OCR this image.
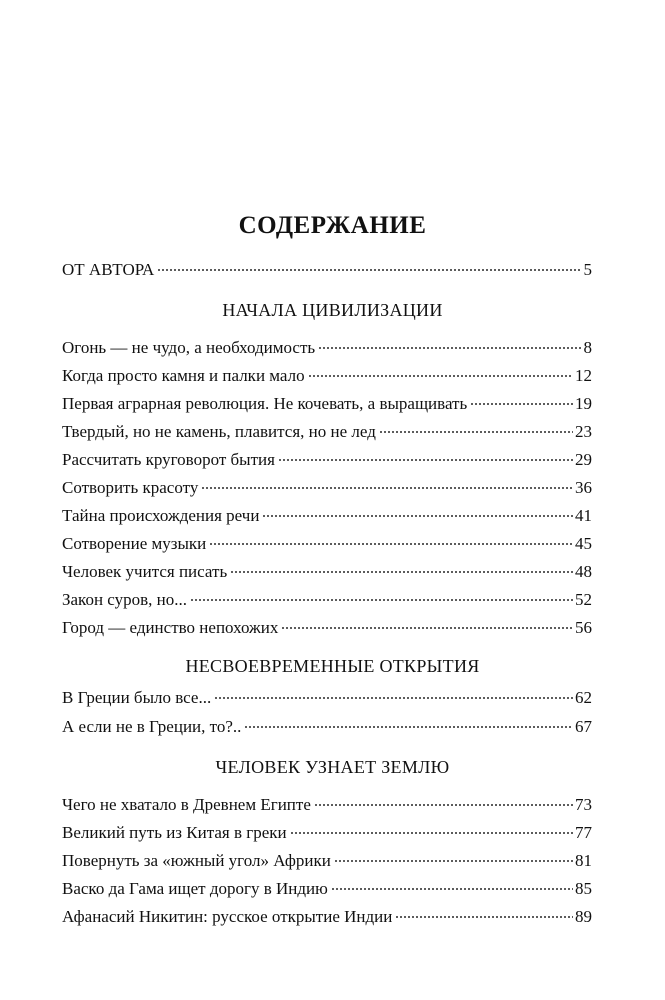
СОДЕРЖАНИЕ
ОТ АВТОРА	5
НАЧАЛА ЦИВИЛИЗАЦИИ
Огонь — не чудо, а необходимость	8
Когда просто камня и палки мало	12
Первая аграрная революция. Не кочевать, а выращивать	19
Твердый, но не камень, плавится, но не лед	23
Рассчитать круговорот бытия	29
Сотворить красоту	36
Тайна происхождения речи	41
Сотворение музыки	45
Человек учится писать	48
Закон суров, но...	52
Город — единство непохожих	56
НЕСВОЕВРЕМЕННЫЕ ОТКРЫТИЯ
В Греции было все...	62
А если не в Греции, то?..	67
ЧЕЛОВЕК УЗНАЕТ ЗЕМЛЮ
Чего не хватало в Древнем Египте	73
Великий путь из Китая в греки	77
Повернуть за «южный угол» Африки	81
Васко да Гама ищет дорогу в Индию	85
Афанасий Никитин: русское открытие Индии	89
